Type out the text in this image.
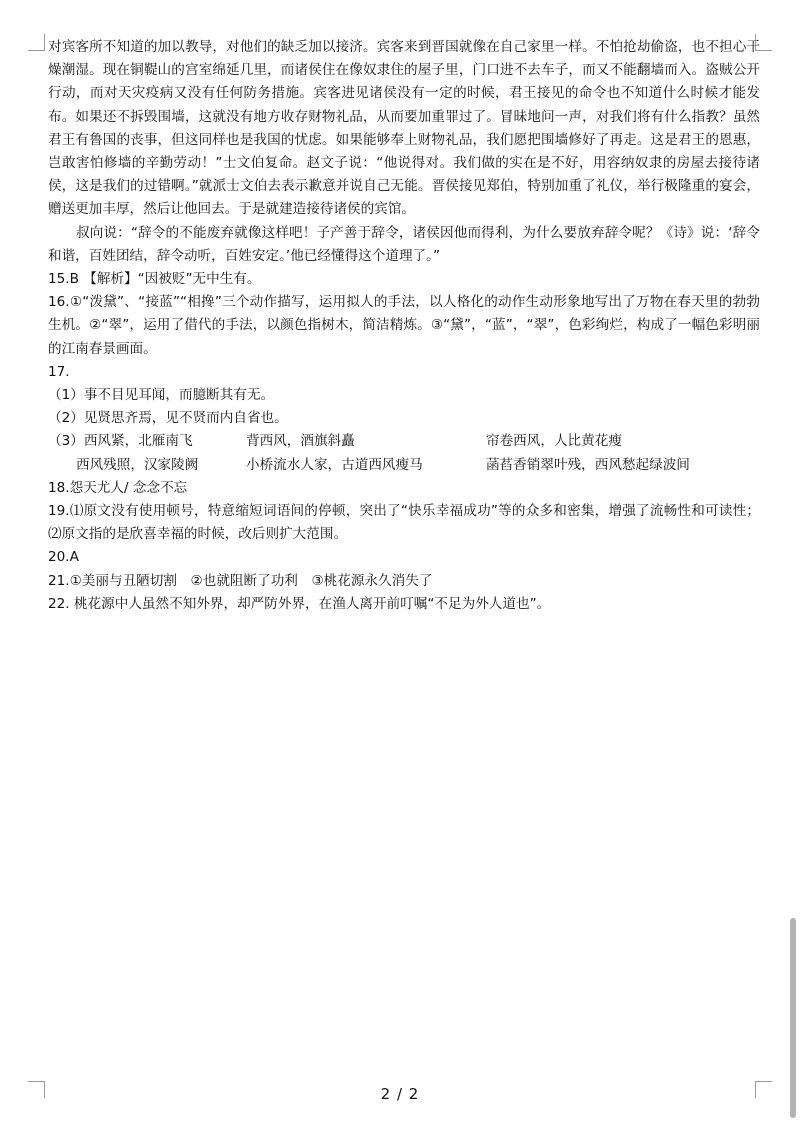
对宾客所不知道的加以教导，对他们的缺乏加以接济。宾客来到晋国就像在自己家里一样。不怕抢劫偷盗，也不担心干燥潮湿。现在铜鞮山的宫室绵延几里，而诸侯住在像奴隶住的屋子里，门口进不去车子，而又不能翻墙而入。盗贼公开行动，而对天灾疫病又没有任何防务措施。宾客进见诸侯没有一定的时候，君王接见的命令也不知道什么时候才能发布。如果还不拆毁围墙，这就没有地方收存财物礼品，从而要加重罪过了。冒昧地问一声，对我们将有什么指教？虽然君王有鲁国的丧事，但这同样也是我国的忧虑。如果能够奉上财物礼品，我们愿把围墙修好了再走。这是君王的恩惠，岂敢害怕修墙的辛勤劳动！”士文伯复命。赵文子说：“他说得对。我们做的实在是不好，用容纳奴隶的房屋去接待诸侯，这是我们的过错啊。”就派士文伯去表示歉意并说自己无能。晋侯接见郑伯，特别加重了礼仪，举行极隆重的宴会，赠送更加丰厚，然后让他回去。于是就建造接待诸侯的宾馆。

叔向说：“辞令的不能废弃就像这样吧！子产善于辞令，诸侯因他而得利，为什么要放弃辞令呢？《诗》说：‘辞令和谐，百姓团结，辞令动听，百姓安定。’他已经懂得这个道理了。”

15.B 【解析】“因被贬”无中生有。

16.①“泼黛”、“接蓝”“相搀”三个动作描写，运用拟人的手法，以人格化的动作生动形象地写出了万物在春天里的勃勃生机。②“翠”，运用了借代的手法，以颜色指树木，简洁精炼。③“黛”，“蓝”，“翠”，色彩绚烂，构成了一幅色彩明丽的江南春景画面。

17.

（1）事不目见耳闻，而臆断其有无。

（2）见贤思齐焉，见不贤而内自省也。

（3）西风紧，北雁南飞	背西风，酒旗斜矗	帘卷西风，人比黄花瘦
西风残照，汉家陵阙	小桥流水人家，古道西风瘦马	菡萏香销翠叶残，西风愁起绿波间

18.怨天尤人/ 念念不忘

19.⑴原文没有使用顿号，特意缩短词语间的停顿，突出了“快乐幸福成功”等的众多和密集，增强了流畅性和可读性；⑵原文指的是欣喜幸福的时候，改后则扩大范围。

20.A

21.①美丽与丑陋切割　②也就阻断了功利　③桃花源永久消失了

22. 桃花源中人虽然不知外界，却严防外界，在渔人离开前叮嘱“不足为外人道也”。

2 / 2
